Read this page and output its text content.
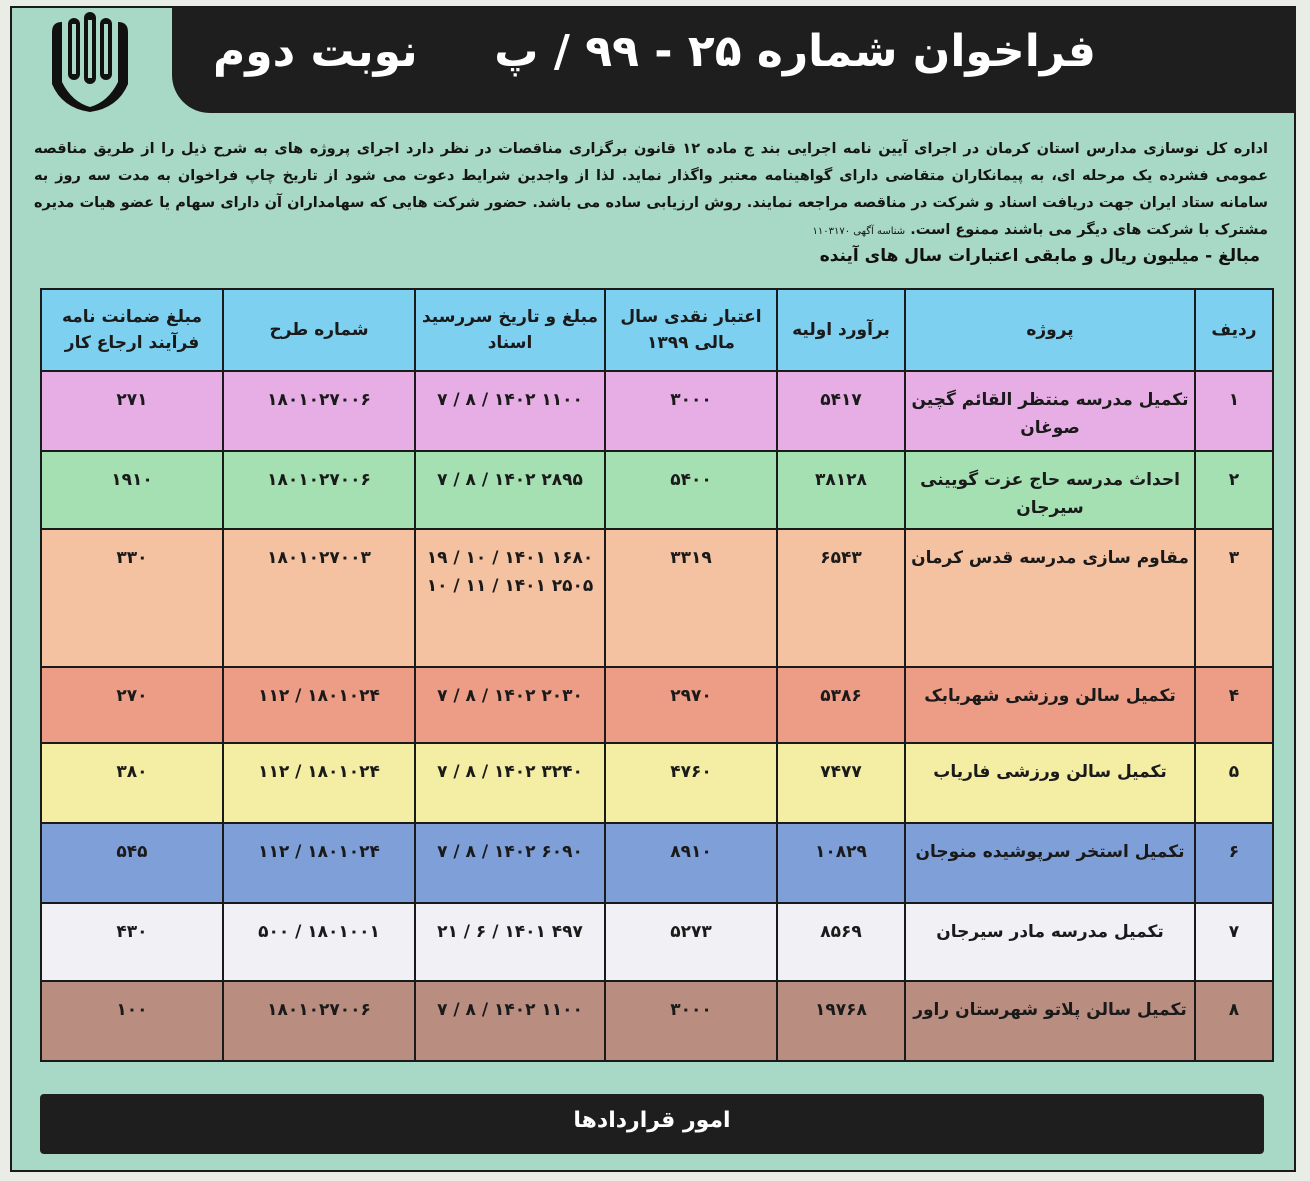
فراخوان شماره ۲۵ - ۹۹ / پ     نوبت دوم
اداره کل نوسازی مدارس استان کرمان در اجرای آیین نامه اجرایی بند ج ماده ۱۲ قانون برگزاری مناقصات در نظر دارد اجرای پروژه های به شرح ذیل را از طریق مناقصه عمومی فشرده یک مرحله ای، به پیمانکاران متقاضی دارای گواهینامه معتبر واگذار نماید. لذا از واجدین شرایط دعوت می شود از تاریخ چاپ فراخوان به مدت سه روز به سامانه ستاد ایران جهت دریافت اسناد و شرکت در مناقصه مراجعه نمایند. روش ارزیابی ساده می باشد. حضور شرکت هایی که سهامداران آن دارای سهام یا عضو هیات مدیره مشترک با شرکت های دیگر می باشند ممنوع است. شناسه آگهی ۱۱۰۳۱۷۰
مبالغ - میلیون ریال و مابقی اعتبارات سال های آینده
ردیف	پروژه	برآورد اولیه	اعتبار نقدی سال مالی ۱۳۹۹	مبلغ و تاریخ سررسید اسناد	شماره طرح	مبلغ ضمانت نامه فرآیند ارجاع کار
۱	تکمیل مدرسه منتظر القائم گچین صوغان	۵۴۱۷	۳۰۰۰	۱۱۰۰ ۱۴۰۲ / ۸ / ۷	۱۸۰۱۰۲۷۰۰۶	۲۷۱
۲	احداث مدرسه حاج عزت گویینی سیرجان	۳۸۱۲۸	۵۴۰۰	۲۸۹۵ ۱۴۰۲ / ۸ / ۷	۱۸۰۱۰۲۷۰۰۶	۱۹۱۰
۳	مقاوم سازی مدرسه قدس کرمان	۶۵۴۳	۳۳۱۹	۱۶۸۰ ۱۴۰۱ / ۱۰ / ۱۹ ۲۵۰۵ ۱۴۰۱ / ۱۱ / ۱۰	۱۸۰۱۰۲۷۰۰۳	۳۳۰
۴	تکمیل سالن ورزشی شهربابک	۵۳۸۶	۲۹۷۰	۲۰۳۰ ۱۴۰۲ / ۸ / ۷	۱۸۰۱۰۲۴ / ۱۱۲	۲۷۰
۵	تکمیل سالن ورزشی فاریاب	۷۴۷۷	۴۷۶۰	۳۲۴۰ ۱۴۰۲ / ۸ / ۷	۱۸۰۱۰۲۴ / ۱۱۲	۳۸۰
۶	تکمیل استخر سرپوشیده منوجان	۱۰۸۲۹	۸۹۱۰	۶۰۹۰ ۱۴۰۲ / ۸ / ۷	۱۸۰۱۰۲۴ / ۱۱۲	۵۴۵
۷	تکمیل مدرسه مادر سیرجان	۸۵۶۹	۵۲۷۳	۴۹۷ ۱۴۰۱ / ۶ / ۲۱	۱۸۰۱۰۰۱ / ۵۰۰	۴۳۰
۸	تکمیل سالن پلاتو شهرستان راور	۱۹۷۶۸	۳۰۰۰	۱۱۰۰ ۱۴۰۲ / ۸ / ۷	۱۸۰۱۰۲۷۰۰۶	۱۰۰
امور قراردادها
